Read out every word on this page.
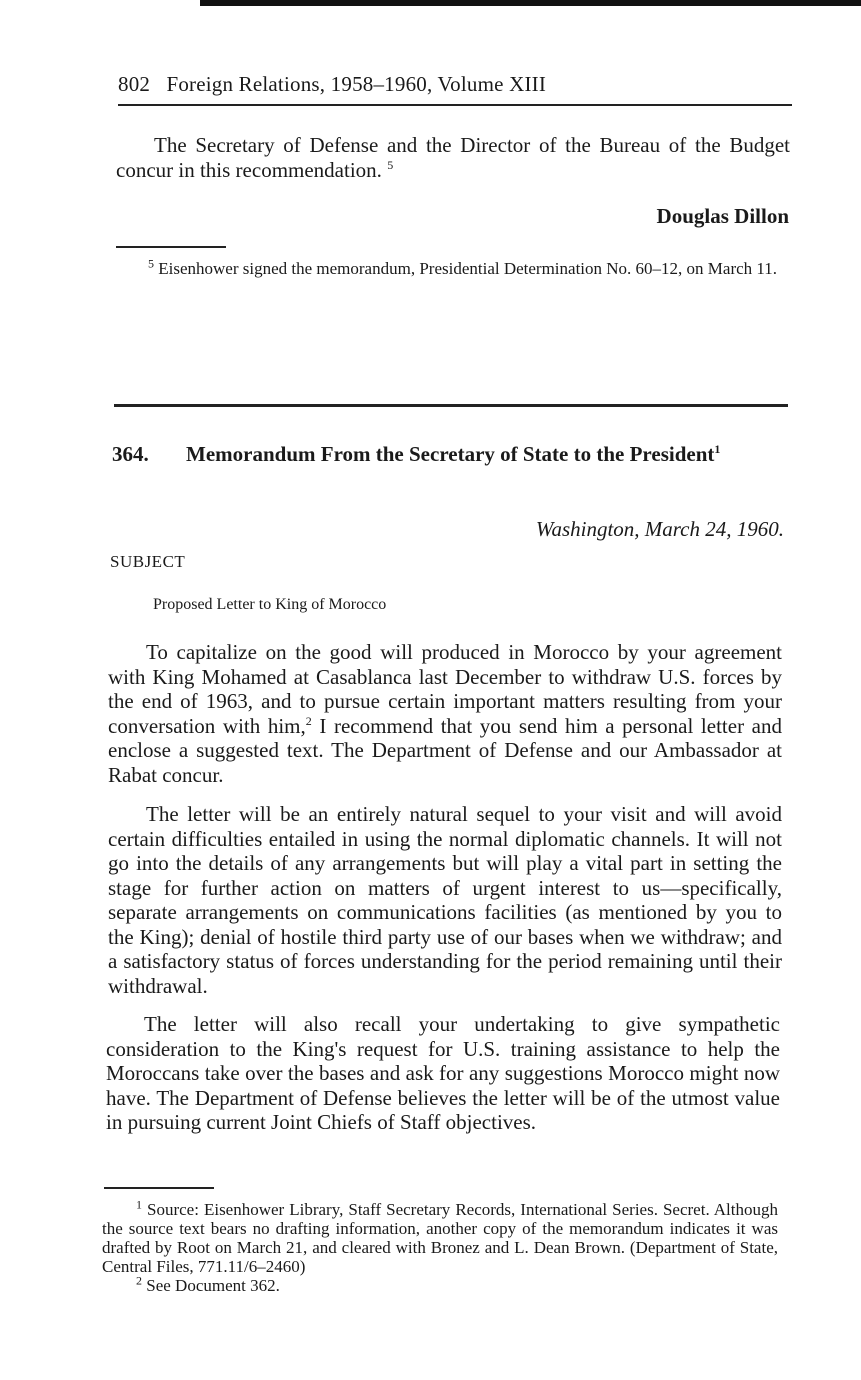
802 Foreign Relations, 1958–1960, Volume XIII

The Secretary of Defense and the Director of the Bureau of the Budget concur in this recommendation. $^5$

Douglas Dillon

$^5$ Eisenhower signed the memorandum, Presidential Determination No. 60–12, on March 11.

364. Memorandum From the Secretary of State to the President$^1$
Washington, March 24, 1960.
SUBJECT
Proposed Letter to King of Morocco

To capitalize on the good will produced in Morocco by your agreement with King Mohamed at Casablanca last December to withdraw U.S. forces by the end of 1963, and to pursue certain important matters resulting from your conversation with him,$^2$ I recommend that you send him a personal letter and enclose a suggested text. The Department of Defense and our Ambassador at Rabat concur.

The letter will be an entirely natural sequel to your visit and will avoid certain difficulties entailed in using the normal diplomatic channels. It will not go into the details of any arrangements but will play a vital part in setting the stage for further action on matters of urgent interest to us—specifically, separate arrangements on communications facilities (as mentioned by you to the King); denial of hostile third party use of our bases when we withdraw; and a satisfactory status of forces understanding for the period remaining until their withdrawal.

The letter will also recall your undertaking to give sympathetic consideration to the King's request for U.S. training assistance to help the Moroccans take over the bases and ask for any suggestions Morocco might now have. The Department of Defense believes the letter will be of the utmost value in pursuing current Joint Chiefs of Staff objectives.

$^1$ Source: Eisenhower Library, Staff Secretary Records, International Series. Secret. Although the source text bears no drafting information, another copy of the memorandum indicates it was drafted by Root on March 21, and cleared with Bronez and L. Dean Brown. (Department of State, Central Files, 771.11/6–2460)

$^2$ See Document 362.
